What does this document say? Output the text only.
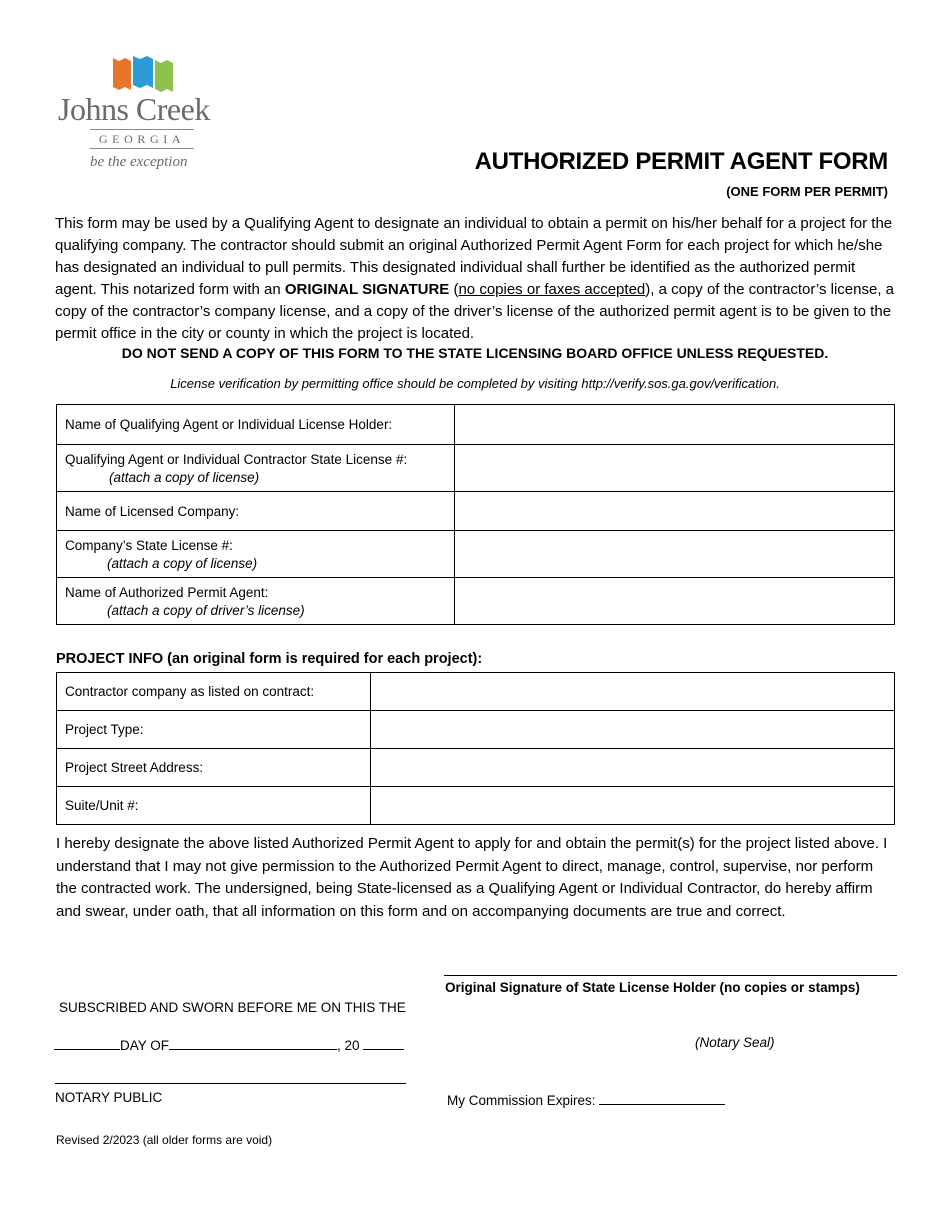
Johns Creek
GEORGIA
be the exception	AUTHORIZED PERMIT AGENT FORM
(ONE FORM PER PERMIT)
This form may be used by a Qualifying Agent to designate an individual to obtain a permit on his/her behalf for a project for the qualifying company. The contractor should submit an original Authorized Permit Agent Form for each project for which he/she has designated an individual to pull permits. This designated individual shall further be identified as the authorized permit agent. This notarized form with an ORIGINAL SIGNATURE (no copies or faxes accepted), a copy of the contractor’s license, a copy of the contractor’s company license, and a copy of the driver’s license of the authorized permit agent is to be given to the permit office in the city or county in which the project is located.
DO NOT SEND A COPY OF THIS FORM TO THE STATE LICENSING BOARD OFFICE UNLESS REQUESTED.
License verification by permitting office should be completed by visiting http://verify.sos.ga.gov/verification.
Name of Qualifying Agent or Individual License Holder:	
Qualifying Agent or Individual Contractor State License #:
(attach a copy of license)	

Name of Licensed Company:	
Company’s State License #:
(attach a copy of license)	

Name of Authorized Permit Agent:
(attach a copy of driver’s license)	

PROJECT INFO (an original form is required for each project):
Contractor company as listed on contract:	
Project Type:	
Project Street Address:	
Suite/Unit #:	
I hereby designate the above listed Authorized Permit Agent to apply for and obtain the permit(s) for the project listed above. I understand that I may not give permission to the Authorized Permit Agent to direct, manage, control, supervise, nor perform the contracted work. The undersigned, being State-licensed as a Qualifying Agent or Individual Contractor, do hereby affirm and swear, under oath, that all information on this form and on accompanying documents are true and correct.
Original Signature of State License Holder (no copies or stamps)
SUBSCRIBED AND SWORN BEFORE ME ON THIS THE
DAY OF	, 20	(Notary Seal)
NOTARY PUBLIC	My Commission Expires:
Revised 2/2023 (all older forms are void)
